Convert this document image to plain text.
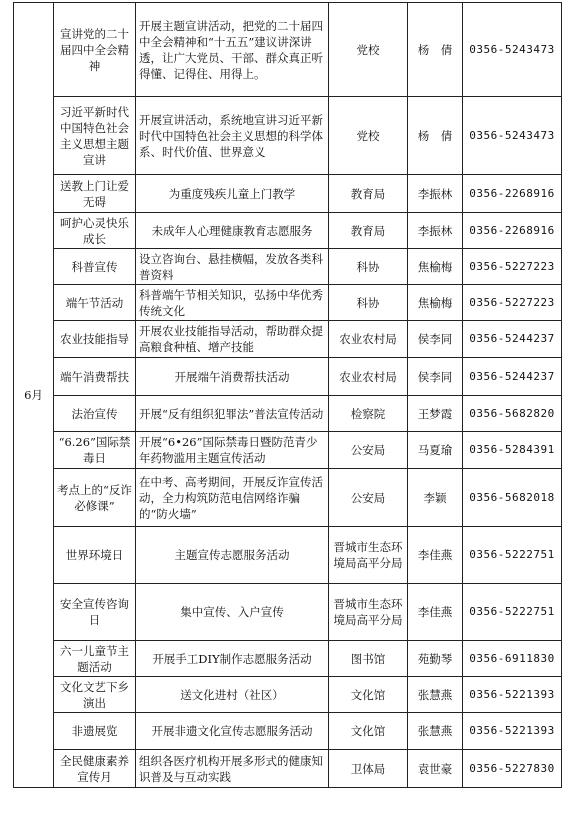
6月	宣讲党的二十届四中全会精神	开展主题宣讲活动，把党的二十届四中全会精神和“十五五”建议讲深讲透，让广大党员、干部、群众真正听得懂、记得住、用得上。	党校	杨　倩	0356-5243473
	习近平新时代中国特色社会主义思想主题宣讲	开展宣讲活动，系统地宣讲习近平新时代中国特色社会主义思想的科学体系、时代价值、世界意义	党校	杨　倩	0356-5243473
	送教上门让爱无碍	为重度残疾儿童上门教学	教育局	李振林	0356-2268916
	呵护心灵快乐成长	未成年人心理健康教育志愿服务	教育局	李振林	0356-2268916
	科普宣传	设立咨询台、悬挂横幅，发放各类科普资料	科协	焦榆梅	0356-5227223
	端午节活动	科普端午节相关知识，弘扬中华优秀传统文化	科协	焦榆梅	0356-5227223
	农业技能指导	开展农业技能指导活动，帮助群众提高粮食种植、增产技能	农业农村局	侯李同	0356-5244237
	端午消费帮扶	开展端午消费帮扶活动	农业农村局	侯李同	0356-5244237
	法治宣传	开展“反有组织犯罪法”普法宣传活动	检察院	王梦霞	0356-5682820
	“6.26”国际禁毒日	开展“6•26”国际禁毒日暨防范青少年药物滥用主题宣传活动	公安局	马夏瑜	0356-5284391
	考点上的“反诈必修课”	在中考、高考期间，开展反诈宣传活动，全力构筑防范电信网络诈骗的“防火墙”	公安局	李颖	0356-5682018
	世界环境日	主题宣传志愿服务活动	晋城市生态环境局高平分局	李佳燕	0356-5222751
	安全宣传咨询日	集中宣传、入户宣传	晋城市生态环境局高平分局	李佳燕	0356-5222751
	六一儿童节主题活动	开展手工DIY制作志愿服务活动	图书馆	苑勤琴	0356-6911830
	文化文艺下乡演出	送文化进村（社区）	文化馆	张慧燕	0356-5221393
	非遗展览	开展非遗文化宣传志愿服务活动	文化馆	张慧燕	0356-5221393
	全民健康素养宣传月	组织各医疗机构开展多形式的健康知识普及与互动实践	卫体局	袁世豪	0356-5227830
